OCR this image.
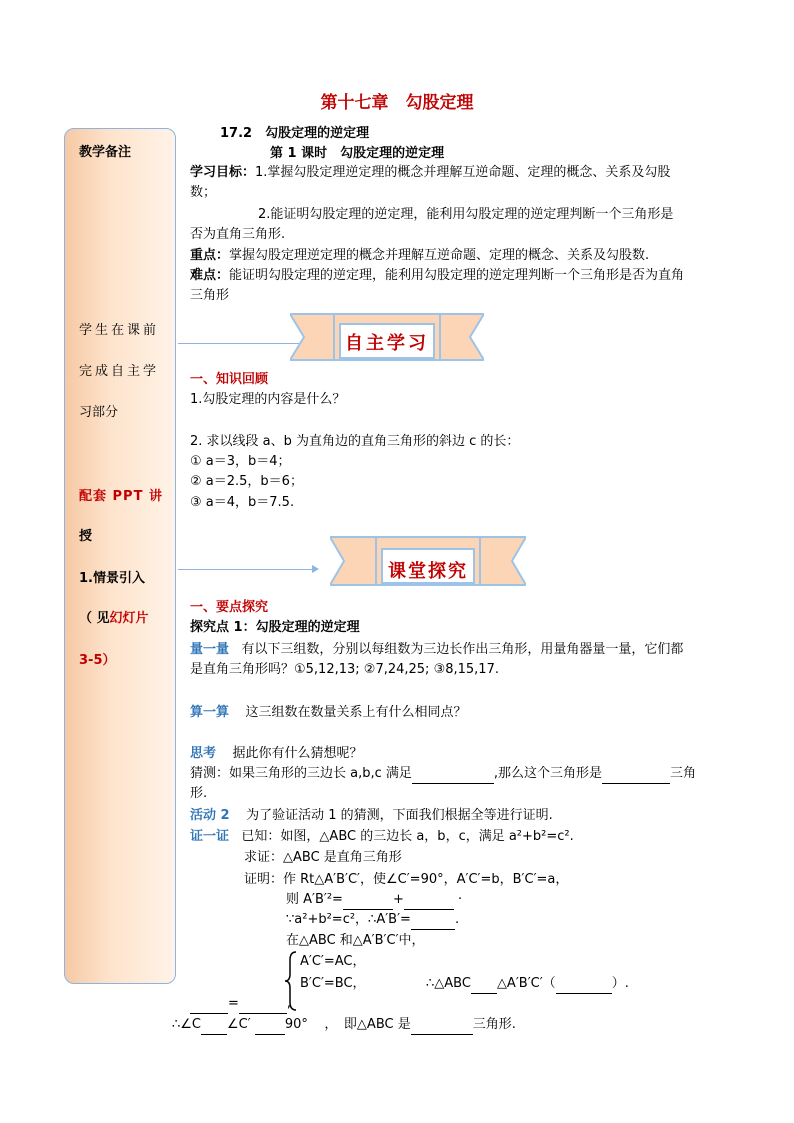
第十七章　勾股定理
17.2　勾股定理的逆定理
第 1 课时　勾股定理的逆定理
教学备注
学生在课前
完成自主学
习部分
配套 PPT 讲
授
1.情景引入
（ 见幻灯片
3-5）
学习目标：1.掌握勾股定理逆定理的概念并理解互逆命题、定理的概念、关系及勾股
数；
2.能证明勾股定理的逆定理，能利用勾股定理的逆定理判断一个三角形是
否为直角三角形.
重点：掌握勾股定理逆定理的概念并理解互逆命题、定理的概念、关系及勾股数.
难点：能证明勾股定理的逆定理，能利用勾股定理的逆定理判断一个三角形是否为直角
三角形
自主学习
一、知识回顾
1.勾股定理的内容是什么？
2. 求以线段 a、b 为直角边的直角三角形的斜边 c 的长：
① a＝3，b＝4；
② a＝2.5，b＝6；
③ a＝4，b＝7.5.
课堂探究
一、要点探究
探究点 1：勾股定理的逆定理
量一量 有以下三组数，分别以每组数为三边长作出三角形，用量角器量一量，它们都
是直角三角形吗？①5,12,13; ②7,24,25; ③8,15,17.
算一算 这三组数在数量关系上有什么相同点？
思考 据此你有什么猜想呢？
猜测：如果三角形的三边长 a,b,c 满足	,那么这个三角形是	三角
形.
活动 2 为了验证活动 1 的猜测，下面我们根据全等进行证明.
证一证 已知：如图，△ABC 的三边长 a，b，c，满足 a²+b²=c².
求证：△ABC 是直角三角形
证明：作 Rt△A′B′C′，使∠C′=90°，A′C′=b，B′C′=a，
则 A′B′²=	+	·
∵a²+b²=c²，∴A′B′=	.
在△ABC 和△A′B′C′中，
A′C′=AC，
B′C′=BC，	∴△ABC △A′B′C′（	）.
=	,
∴∠C ∠C′	90° ，　即△ABC 是	三角形.
